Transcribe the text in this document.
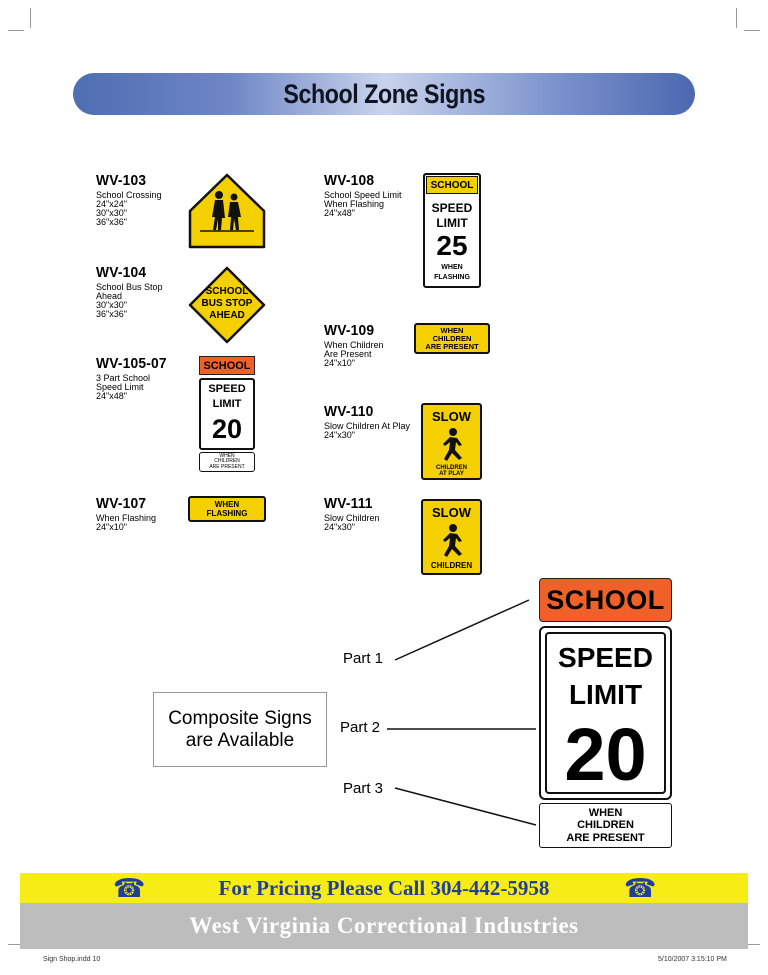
School Zone Signs
WV-103
School Crossing
24"x24"
30"x30"
36"x36"
WV-104
School Bus Stop
Ahead
30"x30"
36"x36"
WV-105-07
3 Part School
Speed Limit
24"x48"
WV-107
When Flashing
24"x10"
WV-108
School Speed Limit
When Flashing
24"x48"
WV-109
When Children
Are Present
24"x10"
WV-110
Slow Children At Play
24"x30"
WV-111
Slow Children
24"x30"
SCHOOL
BUS STOP
AHEAD
SCHOOL
SPEED
LIMIT
20
WHEN
CHILDREN
ARE PRESENT
WHEN
FLASHING
SCHOOL
SPEED
LIMIT
25
WHEN
FLASHING
WHEN
CHILDREN
ARE PRESENT
SLOW
CHILDREN
AT PLAY
SLOW
CHILDREN
Composite Signs
are Available
Part 1
Part 2
Part 3
SCHOOL
SPEED
LIMIT
20
WHEN
CHILDREN
ARE PRESENT
☎	For Pricing Please Call 304-442-5958	☎
West Virginia Correctional Industries
Sign Shop.indd 10	5/10/2007 3:15:10 PM
